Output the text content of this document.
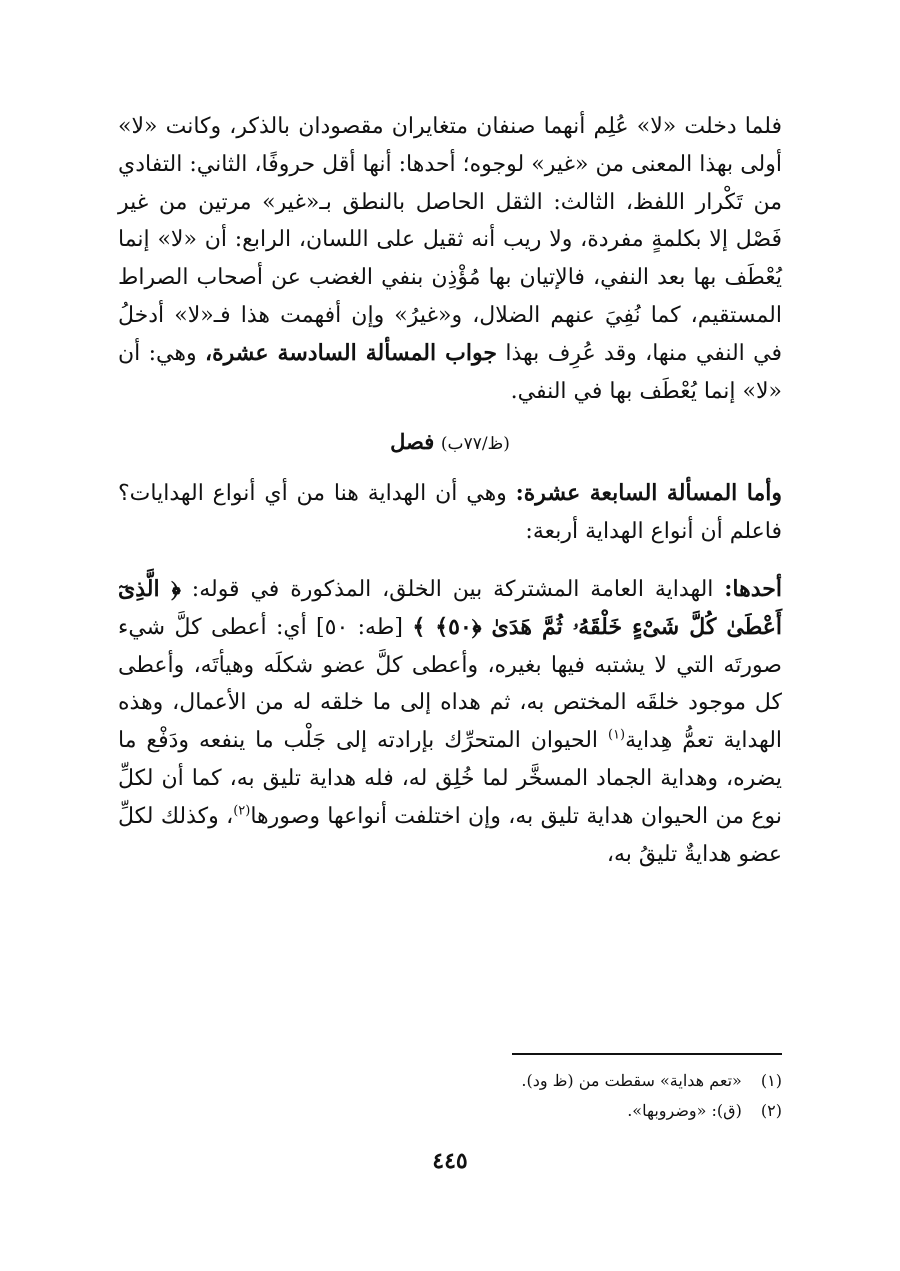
فلما دخلت «لا» عُلِم أنهما صنفان متغايران مقصودان بالذكر، وكانت «لا» أولى بهذا المعنى من «غير» لوجوه؛ أحدها: أنها أقل حروفًا، الثاني: التفادي من تَكْرار اللفظ، الثالث: الثقل الحاصل بالنطق بـ«غير» مرتين من غير فَصْل إلا بكلمةٍ مفردة، ولا ريب أنه ثقيل على اللسان، الرابع: أن «لا» إنما يُعْطَف بها بعد النفي، فالإتيان بها مُؤْذِن بنفي الغضب عن أصحاب الصراط المستقيم، كما نُفِيَ عنهم الضلال، و«غيرُ» وإن أفهمت هذا فـ«لا» أدخلُ في النفي منها، وقد عُرِف بهذا جواب المسألة السادسة عشرة، وهي: أن «لا» إنما يُعْطَف بها في النفي.

(ظ/٧٧ب) فصل

وأما المسألة السابعة عشرة: وهي أن الهداية هنا من أي أنواع الهدايات؟ فاعلم أن أنواع الهداية أربعة:

أحدها: الهداية العامة المشتركة بين الخلق، المذكورة في قوله: ﴿ الَّذِىٓ أَعْطَىٰ كُلَّ شَىْءٍ خَلْقَهُۥ ثُمَّ هَدَىٰ ﴿٥٠﴾ ﴾ [طه: ٥٠] أي: أعطى كلَّ شيء صورتَه التي لا يشتبه فيها بغيره، وأعطى كلَّ عضو شكلَه وهيأتَه، وأعطى كل موجود خلقَه المختص به، ثم هداه إلى ما خلقه له من الأعمال، وهذه الهداية تعمُّ هِداية$^{(١)}$ الحيوان المتحرِّك بإرادته إلى جَلْب ما ينفعه ودَفْع ما يضره، وهداية الجماد المسخَّر لما خُلِق له، فله هداية تليق به، كما أن لكلِّ نوع من الحيوان هداية تليق به، وإن اختلفت أنواعها وصورها$^{(٢)}$، وكذلك لكلِّ عضو هدايةٌ تليقُ به،

(١) «تعم هداية» سقطت من (ظ ود).
(٢) (ق): «وضروبها».
٤٤٥
